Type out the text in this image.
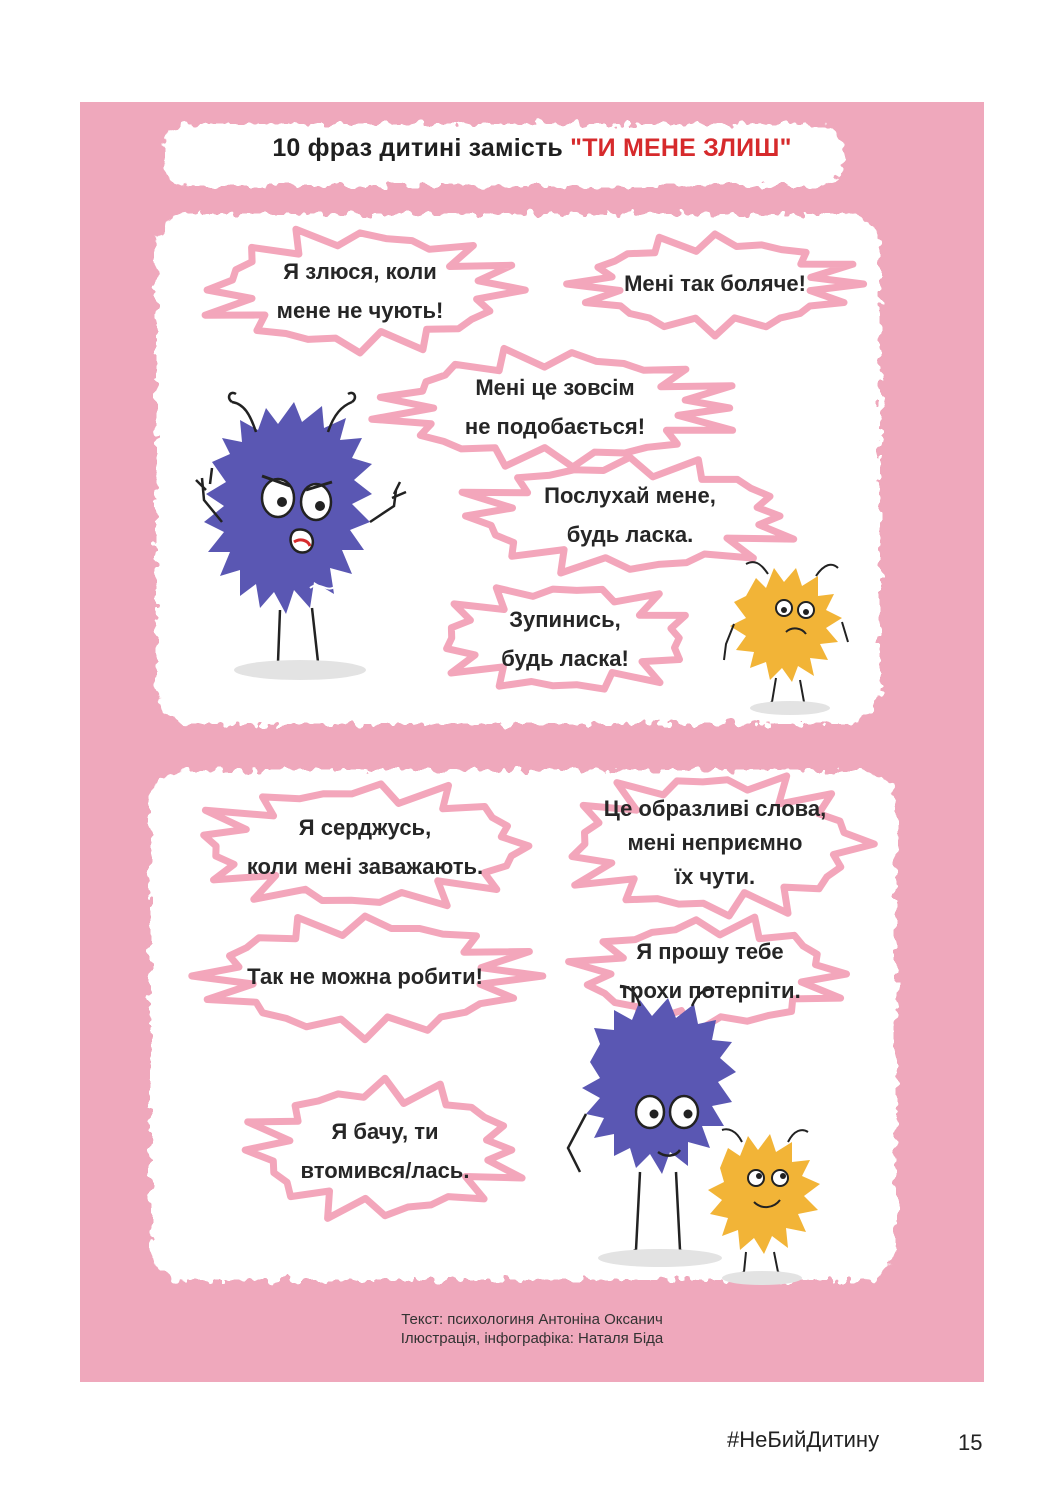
10 фраз дитині замість "ТИ МЕНЕ ЗЛИШ"
Я злюся, коли
мене не чують!
Мені так боляче!
Мені це зовсім
не подобається!
Послухай мене,
будь ласка.
Зупинись,
будь ласка!
Я серджусь,
коли мені заважають.
Це образливі слова,
мені неприємно
їх чути.
Так не можна робити!
Я прошу тебе
трохи потерпіти.
Я бачу, ти
втомився/лась.
Текст: психологиня Антоніна Оксанич
Ілюстрація, інфографіка: Наталя Біда
#НеБийДитину	15
